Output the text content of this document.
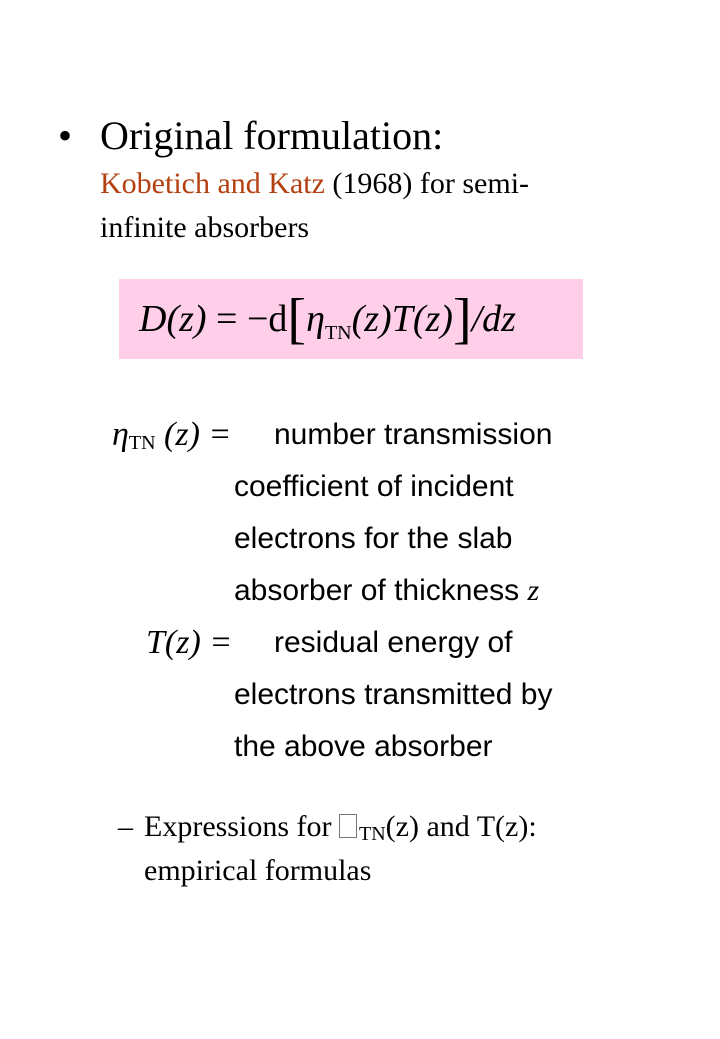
• Original formulation:
Kobetich and Katz (1968) for semi-
infinite absorbers
$D(z) = -d[\eta_{TN}(z)T(z)]/dz$
ηTN (z) = number transmission
coefficient of incident
electrons for the slab
absorber of thickness z
T(z) = residual energy of
electrons transmitted by
the above absorber
– Expressions for TN(z) and T(z):
empirical formulas
